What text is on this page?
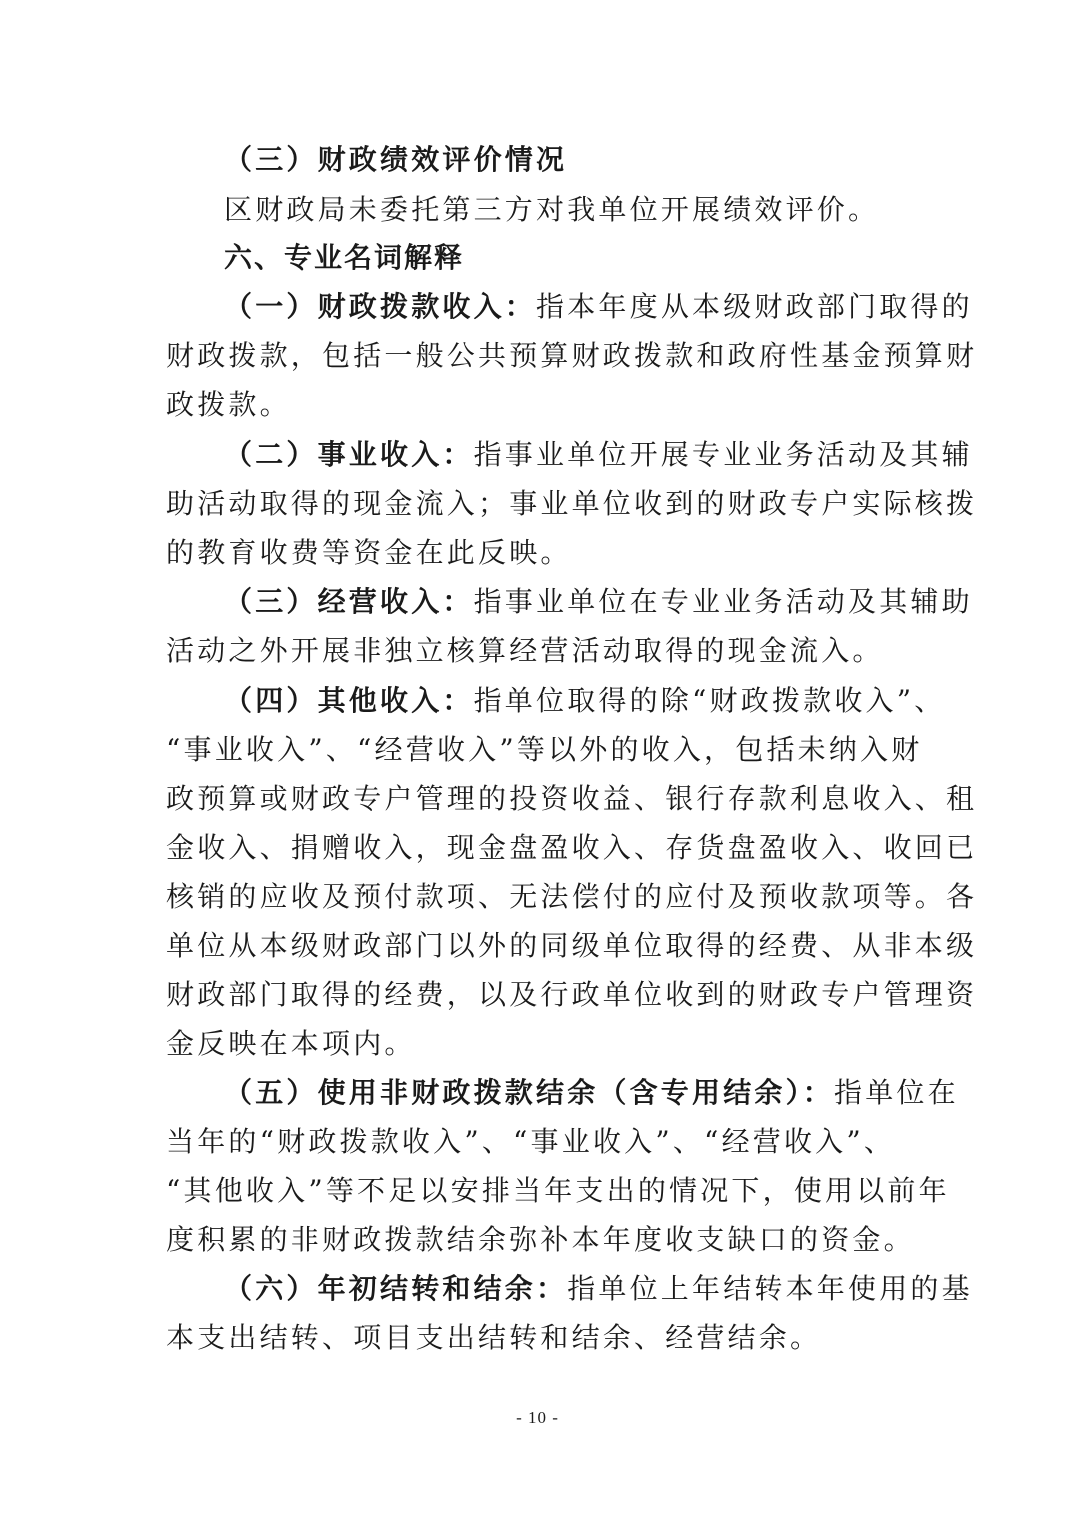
（三）财政绩效评价情况
区财政局未委托第三方对我单位开展绩效评价。
六、专业名词解释
（一）财政拨款收入：指本年度从本级财政部门取得的
财政拨款，包括一般公共预算财政拨款和政府性基金预算财
政拨款。
（二）事业收入：指事业单位开展专业业务活动及其辅
助活动取得的现金流入；事业单位收到的财政专户实际核拨
的教育收费等资金在此反映。
（三）经营收入：指事业单位在专业业务活动及其辅助
活动之外开展非独立核算经营活动取得的现金流入。
（四）其他收入：指单位取得的除“财政拨款收入”、
“事业收入”、“经营收入”等以外的收入，包括未纳入财
政预算或财政专户管理的投资收益、银行存款利息收入、租
金收入、捐赠收入，现金盘盈收入、存货盘盈收入、收回已
核销的应收及预付款项、无法偿付的应付及预收款项等。各
单位从本级财政部门以外的同级单位取得的经费、从非本级
财政部门取得的经费，以及行政单位收到的财政专户管理资
金反映在本项内。
（五）使用非财政拨款结余（含专用结余）：指单位在
当年的“财政拨款收入”、“事业收入”、“经营收入”、
“其他收入”等不足以安排当年支出的情况下，使用以前年
度积累的非财政拨款结余弥补本年度收支缺口的资金。
（六）年初结转和结余：指单位上年结转本年使用的基
本支出结转、项目支出结转和结余、经营结余。
- 10 -
